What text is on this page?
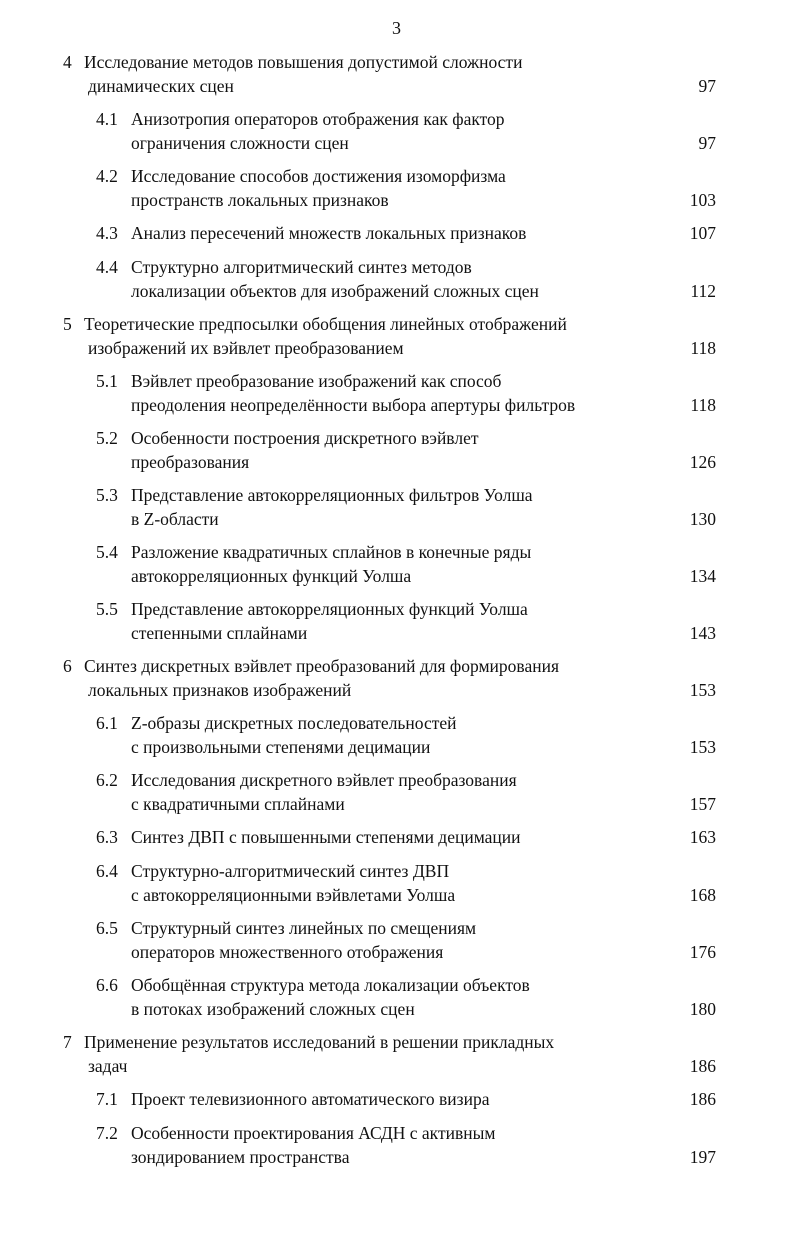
3
4 Исследование методов повышения допустимой сложности
динамических сцен	97
4.1 Анизотропия операторов отображения как фактор
ограничения сложности сцен	97
4.2 Исследование способов достижения изоморфизма
пространств локальных признаков	103
4.3 Анализ пересечений множеств локальных признаков	107
4.4 Структурно алгоритмический синтез методов
локализации объектов для изображений сложных сцен	112
5 Теоретические предпосылки обобщения линейных отображений
изображений их вэйвлет преобразованием	118
5.1 Вэйвлет преобразование изображений как способ
преодоления неопределённости выбора апертуры фильтров	118
5.2 Особенности построения дискретного вэйвлет
преобразования	126
5.3 Представление автокорреляционных фильтров Уолша
в Z-области	130
5.4 Разложение квадратичных сплайнов в конечные ряды
автокорреляционных функций Уолша	134
5.5 Представление автокорреляционных функций Уолша
степенными сплайнами	143
6 Синтез дискретных вэйвлет преобразований для формирования
локальных признаков изображений	153
6.1 Z-образы дискретных последовательностей
с произвольными степенями децимации	153
6.2 Исследования дискретного вэйвлет преобразования
с квадратичными сплайнами	157
6.3 Синтез ДВП с повышенными степенями децимации	163
6.4 Структурно-алгоритмический синтез ДВП
с автокорреляционными вэйвлетами Уолша	168
6.5 Структурный синтез линейных по смещениям
операторов множественного отображения	176
6.6 Обобщённая структура метода локализации объектов
в потоках изображений сложных сцен	180
7 Применение результатов исследований в решении прикладных
задач	186
7.1 Проект телевизионного автоматического визира	186
7.2 Особенности проектирования АСДН с активным
зондированием пространства	197
